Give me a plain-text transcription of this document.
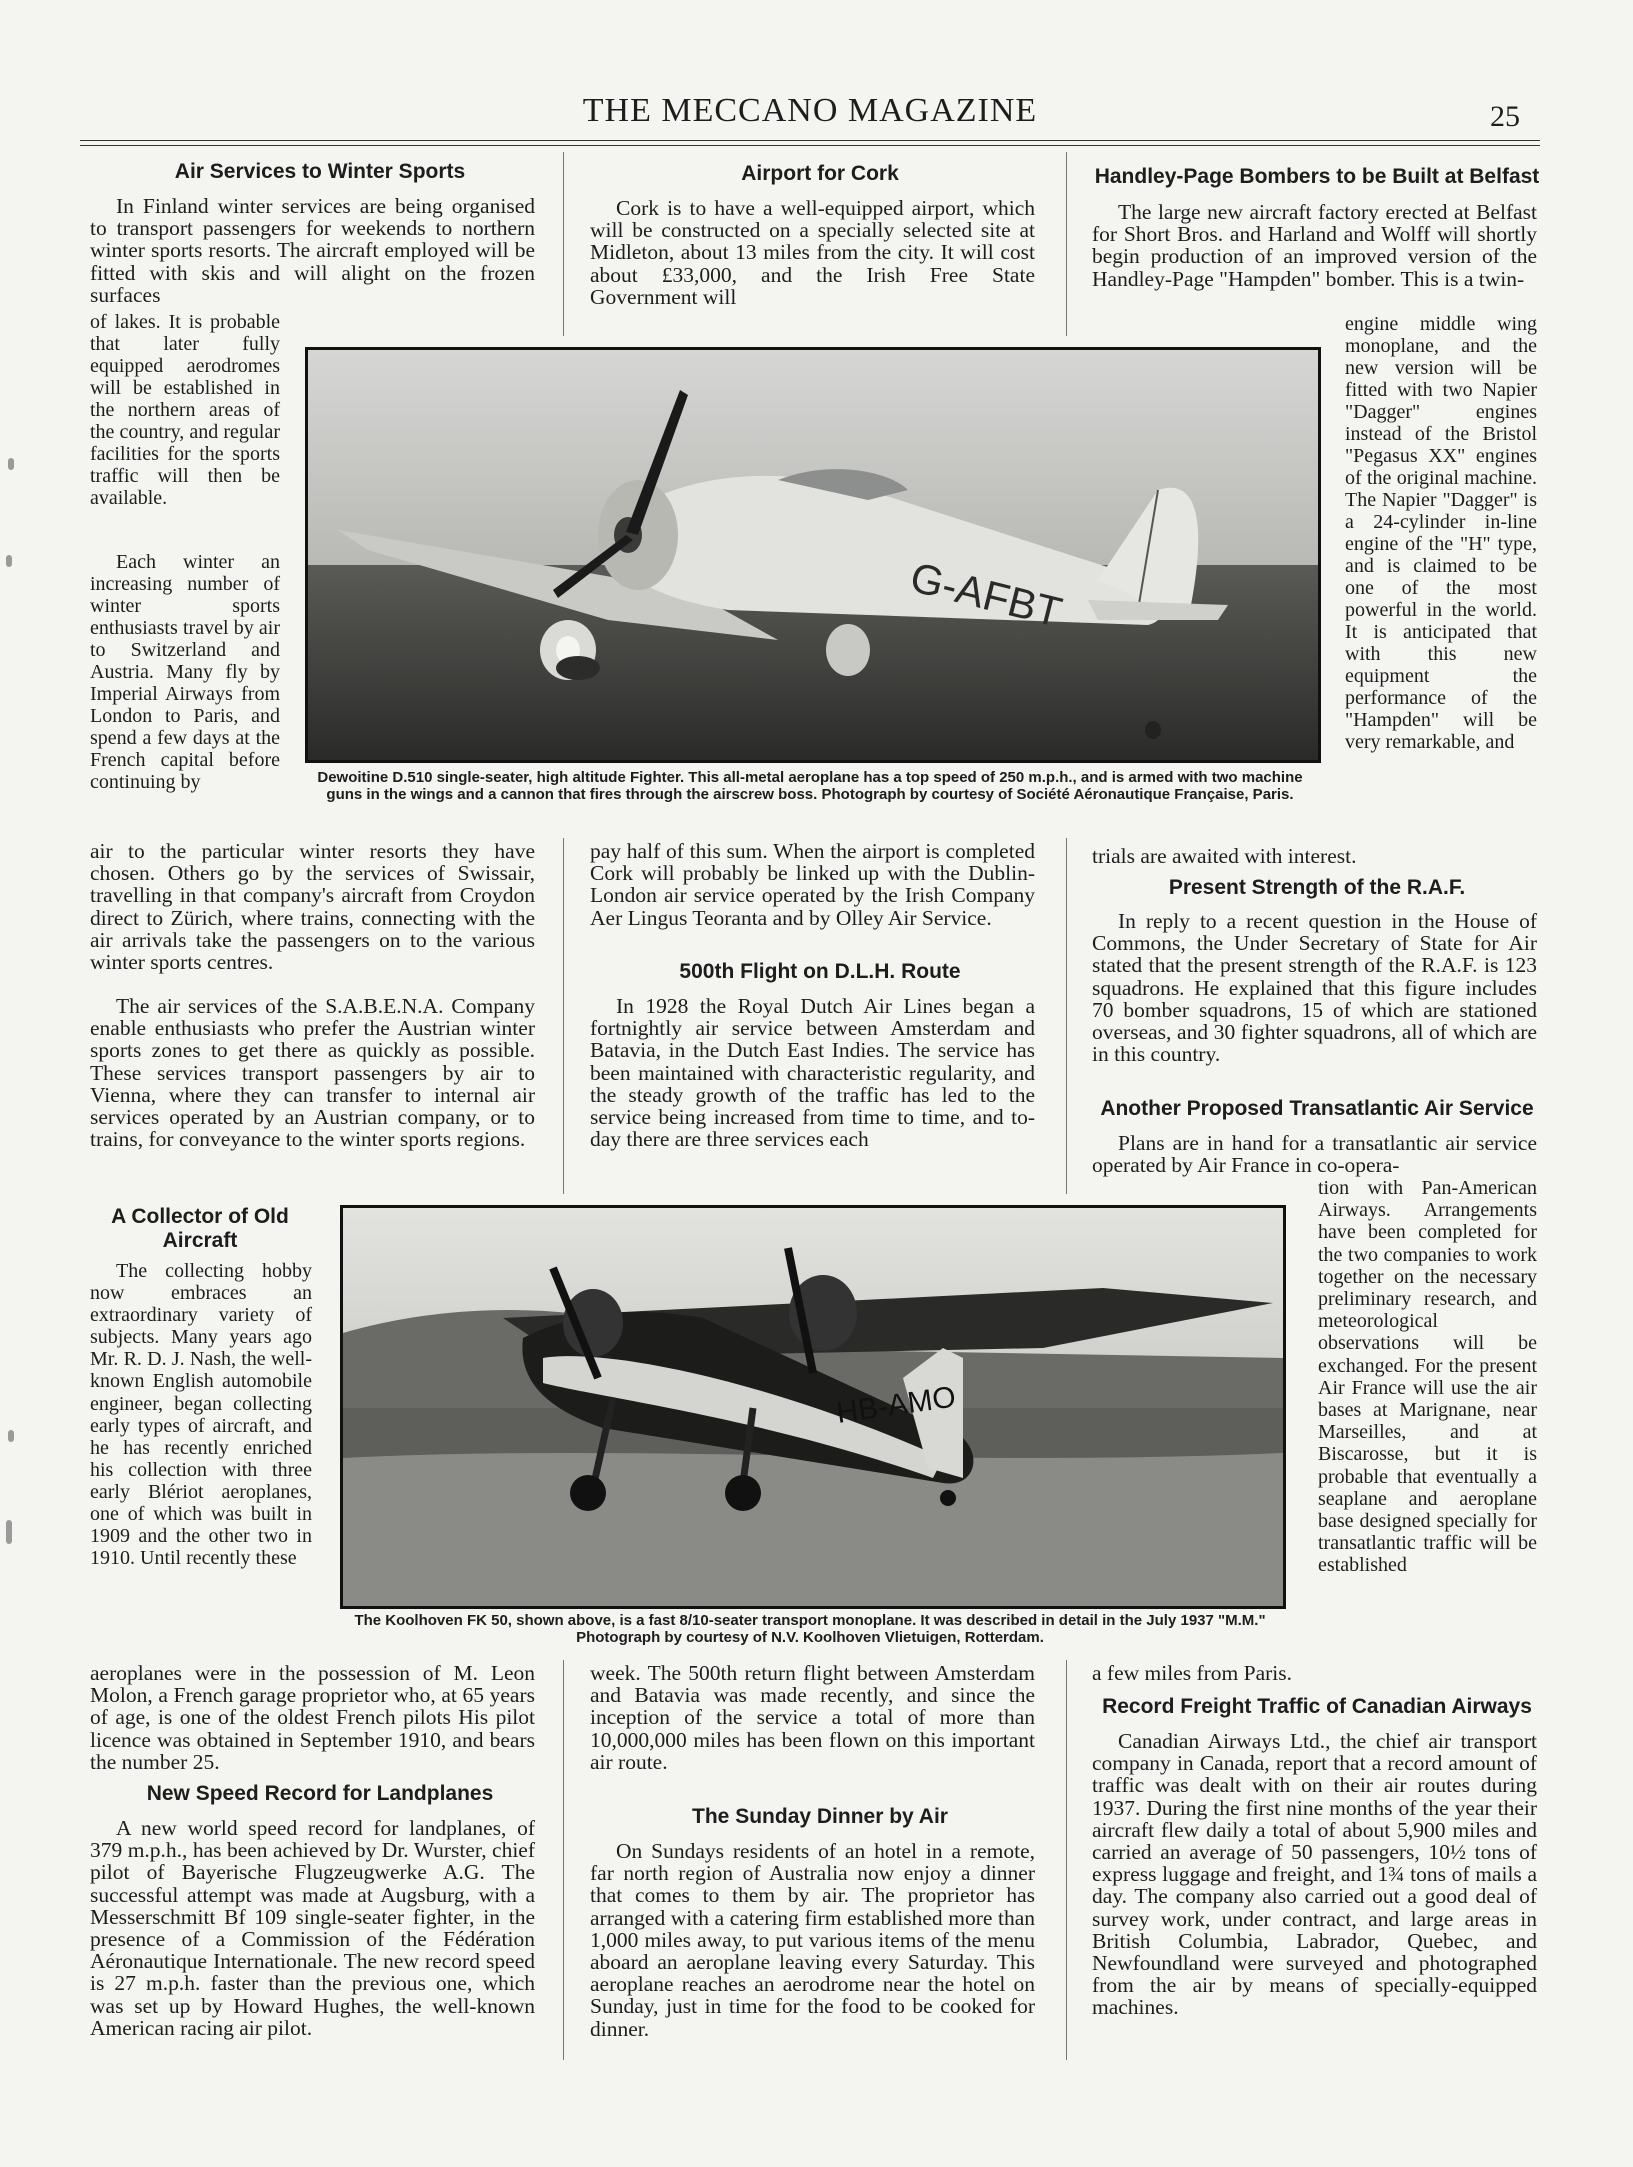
THE MECCANO MAGAZINE	25
Air Services to Winter Sports

In Finland winter services are being organised to transport passengers for weekends to northern winter sports resorts. The aircraft employed will be fitted with skis and will alight on the frozen surfaces

of lakes. It is probable that later fully equipped aerodromes will be established in the northern areas of the country, and regular facilities for the sports traffic will then be available.

Each winter an increasing number of winter sports enthusiasts travel by air to Switzerland and Austria. Many fly by Imperial Airways from London to Paris, and spend a few days at the French capital before continuing by

air to the particular winter resorts they have chosen. Others go by the services of Swissair, travelling in that company's aircraft from Croydon direct to Zürich, where trains, connecting with the air arrivals take the passengers on to the various winter sports centres.

The air services of the S.A.B.E.N.A. Company enable enthusiasts who prefer the Austrian winter sports zones to get there as quickly as possible. These services transport passengers by air to Vienna, where they can transfer to internal air services operated by an Austrian company, or to trains, for conveyance to the winter sports regions.

A Collector of Old Aircraft

The collecting hobby now embraces an extraordinary variety of subjects. Many years ago Mr. R. D. J. Nash, the well-known English automobile engineer, began collecting early types of aircraft, and he has recently enriched his collection with three early Blériot aeroplanes, one of which was built in 1909 and the other two in 1910. Until recently these

aeroplanes were in the possession of M. Leon Molon, a French garage proprietor who, at 65 years of age, is one of the oldest French pilots His pilot licence was obtained in September 1910, and bears the number 25.

New Speed Record for Landplanes

A new world speed record for landplanes, of 379 m.p.h., has been achieved by Dr. Wurster, chief pilot of Bayerische Flugzeugwerke A.G. The successful attempt was made at Augsburg, with a Messerschmitt Bf 109 single-seater fighter, in the presence of a Commission of the Fédération Aéronautique Internationale. The new record speed is 27 m.p.h. faster than the previous one, which was set up by Howard Hughes, the well-known American racing air pilot.

Airport for Cork

Cork is to have a well-equipped airport, which will be constructed on a specially selected site at Midleton, about 13 miles from the city. It will cost about £33,000, and the Irish Free State Government will

pay half of this sum. When the airport is completed Cork will probably be linked up with the Dublin-London air service operated by the Irish Company Aer Lingus Teoranta and by Olley Air Service.

500th Flight on D.L.H. Route

In 1928 the Royal Dutch Air Lines began a fortnightly air service between Amsterdam and Batavia, in the Dutch East Indies. The service has been maintained with characteristic regularity, and the steady growth of the traffic has led to the service being increased from time to time, and to-day there are three services each

week. The 500th return flight between Amsterdam and Batavia was made recently, and since the inception of the service a total of more than 10,000,000 miles has been flown on this important air route.

The Sunday Dinner by Air

On Sundays residents of an hotel in a remote, far north region of Australia now enjoy a dinner that comes to them by air. The proprietor has arranged with a catering firm established more than 1,000 miles away, to put various items of the menu aboard an aeroplane leaving every Saturday. This aeroplane reaches an aerodrome near the hotel on Sunday, just in time for the food to be cooked for dinner.

Handley-Page Bombers to be Built at Belfast

The large new aircraft factory erected at Belfast for Short Bros. and Harland and Wolff will shortly begin production of an improved version of the Handley-Page "Hampden" bomber. This is a twin-

engine middle wing monoplane, and the new version will be fitted with two Napier "Dagger" engines instead of the Bristol "Pegasus XX" engines of the original machine. The Napier "Dagger" is a 24-cylinder in-line engine of the "H" type, and is claimed to be one of the most powerful in the world. It is anticipated that with this new equipment the performance of the "Hampden" will be very remarkable, and

trials are awaited with interest.

Present Strength of the R.A.F.

In reply to a recent question in the House of Commons, the Under Secretary of State for Air stated that the present strength of the R.A.F. is 123 squadrons. He explained that this figure includes 70 bomber squadrons, 15 of which are stationed overseas, and 30 fighter squadrons, all of which are in this country.

Another Proposed Transatlantic Air Service

Plans are in hand for a transatlantic air service operated by Air France in co-opera-

tion with Pan-American Airways. Arrangements have been completed for the two companies to work together on the necessary preliminary research, and meteorological observations will be exchanged. For the present Air France will use the air bases at Marignane, near Marseilles, and at Biscarosse, but it is probable that eventually a seaplane and aeroplane base designed specially for transatlantic traffic will be established

a few miles from Paris.

Record Freight Traffic of Canadian Airways

Canadian Airways Ltd., the chief air transport company in Canada, report that a record amount of traffic was dealt with on their air routes during 1937. During the first nine months of the year their aircraft flew daily a total of about 5,900 miles and carried an average of 50 passengers, 10½ tons of express luggage and freight, and 1¾ tons of mails a day. The company also carried out a good deal of survey work, under contract, and large areas in British Columbia, Labrador, Quebec, and Newfoundland were surveyed and photographed from the air by means of specially-equipped machines.

G-AFBT
Dewoitine D.510 single-seater, high altitude Fighter. This all-metal aeroplane has a top speed of 250 m.p.h., and is armed with two machine guns in the wings and a cannon that fires through the airscrew boss. Photograph by courtesy of Société Aéronautique Française, Paris.
HB-AMO
The Koolhoven FK 50, shown above, is a fast 8/10-seater transport monoplane. It was described in detail in the July 1937 "M.M." Photograph by courtesy of N.V. Koolhoven Vlietuigen, Rotterdam.
